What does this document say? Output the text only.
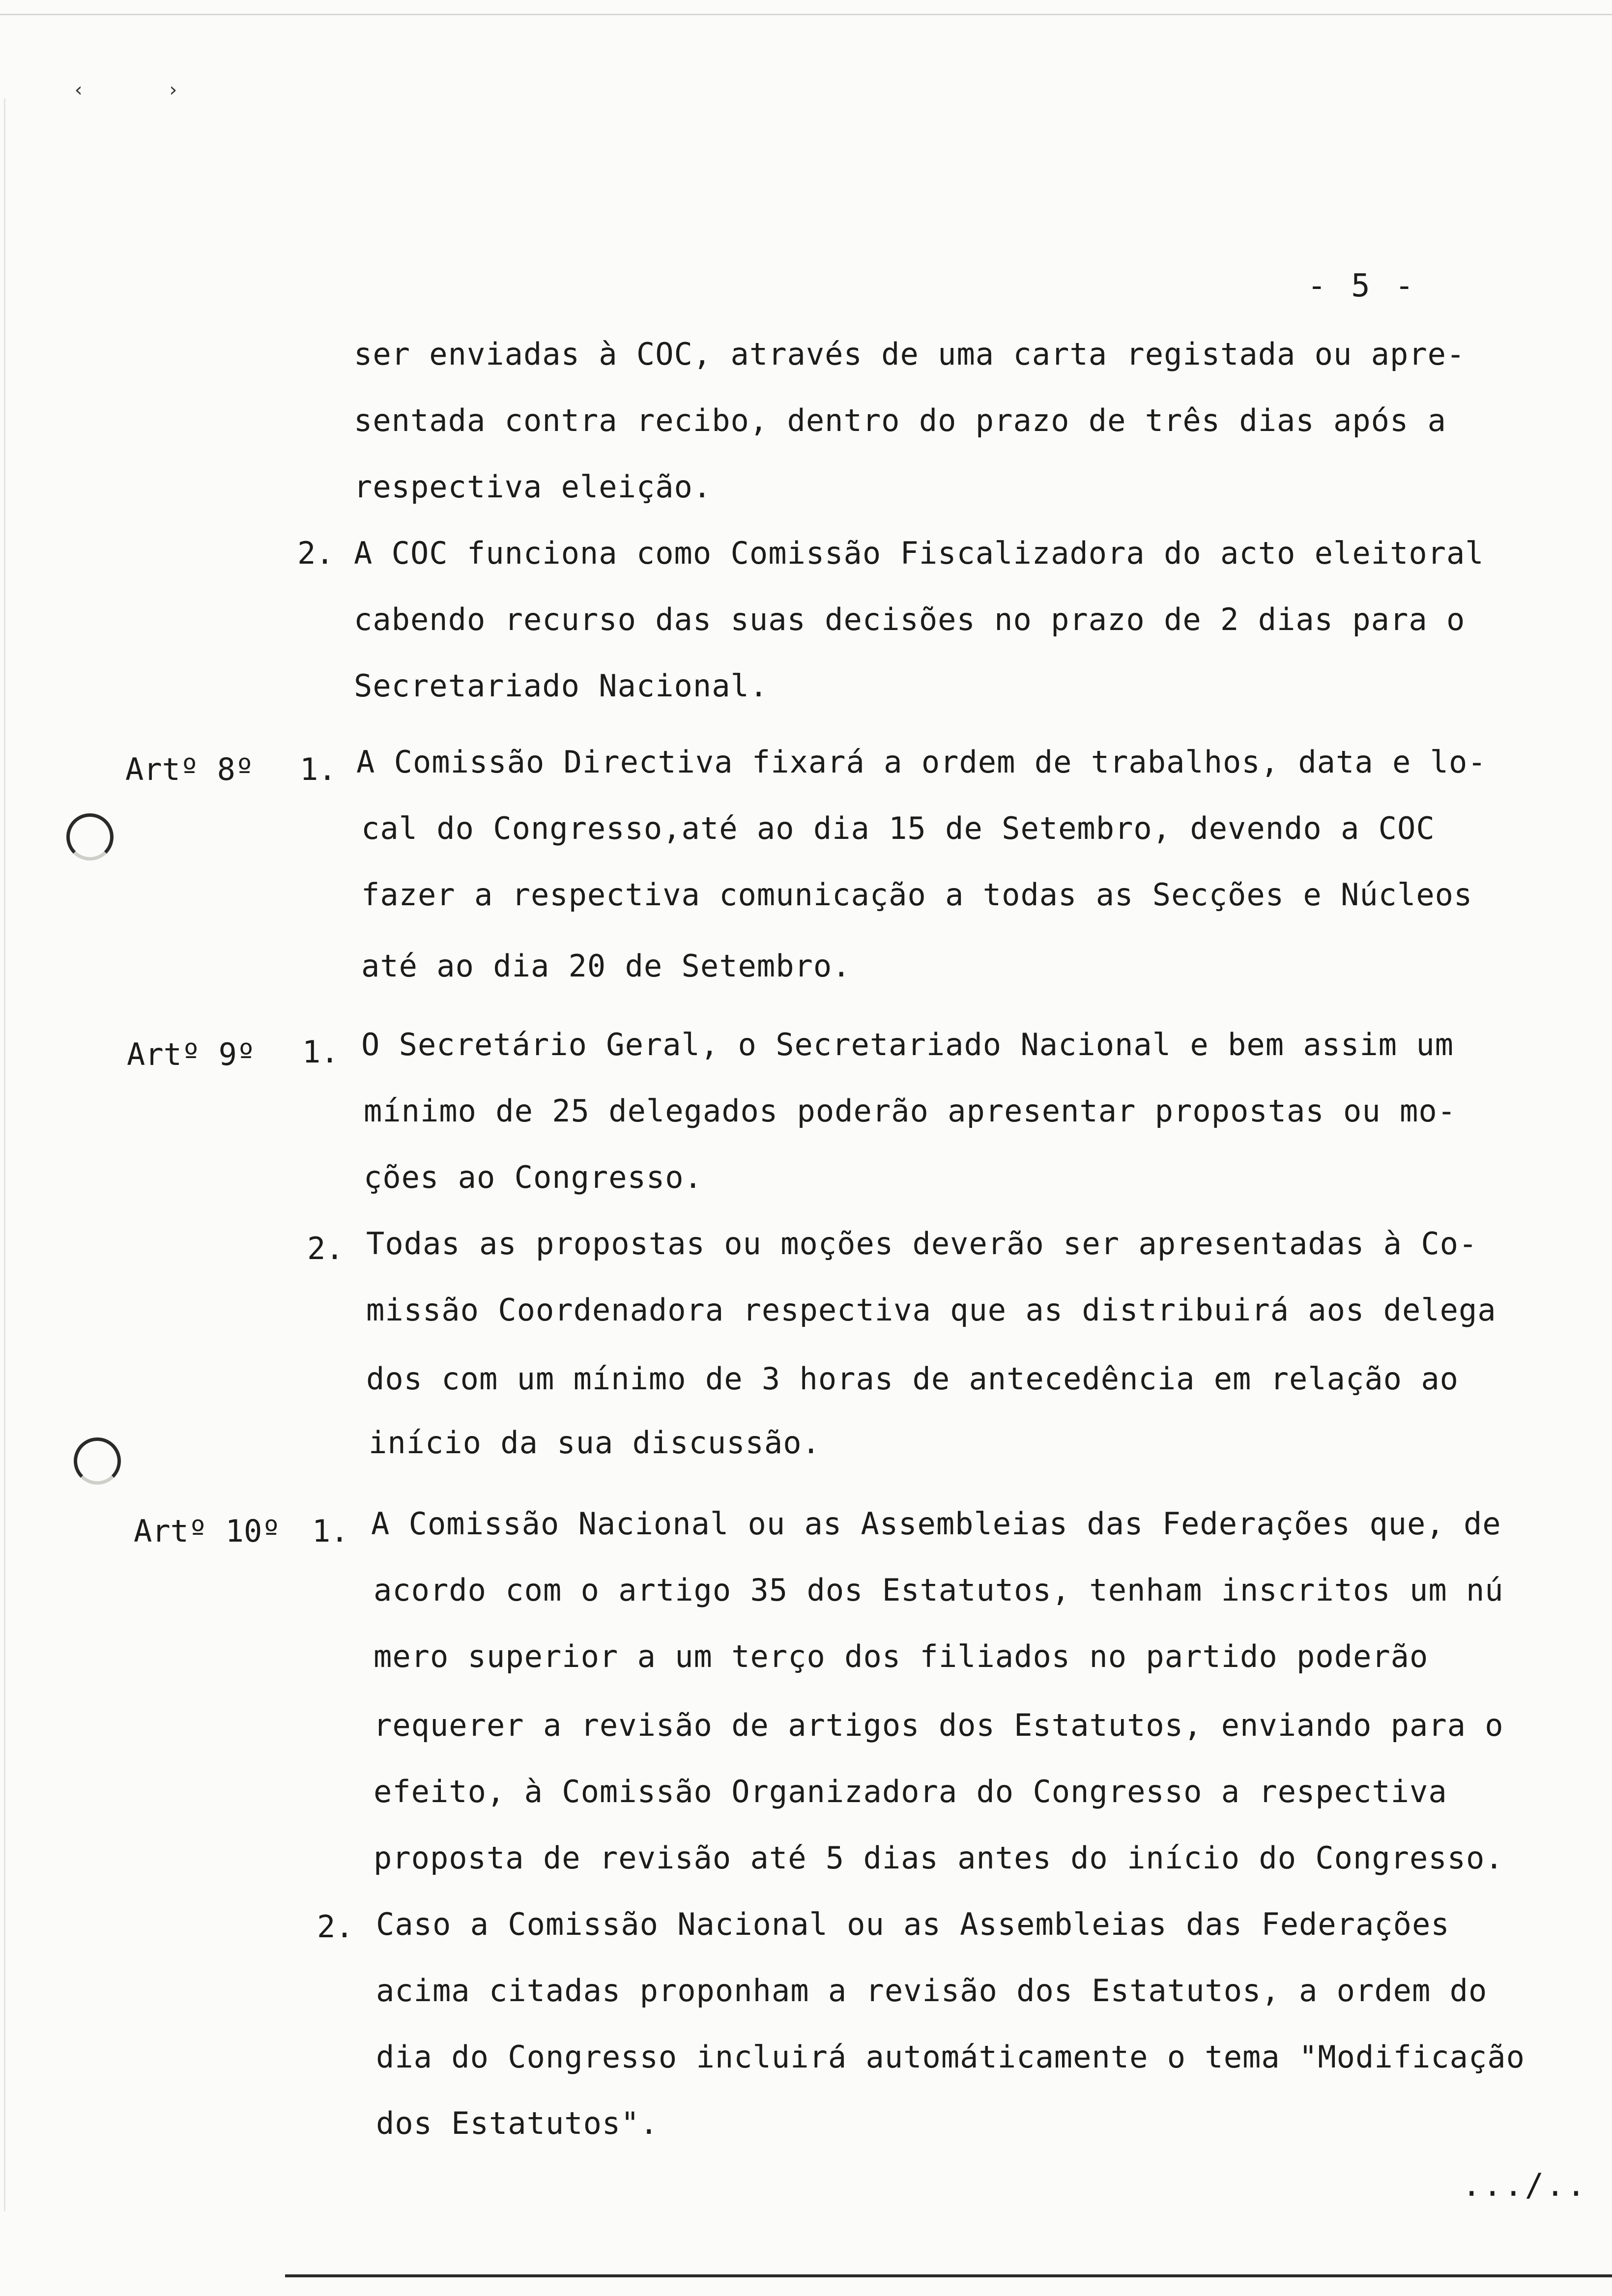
‹	›
- 5 -
ser enviadas à COC, através de uma carta registada ou apre-
sentada contra recibo, dentro do prazo de três dias após a
respectiva eleição.
2. A COC funciona como Comissão Fiscalizadora do acto eleitoral
cabendo recurso das suas decisões no prazo de 2 dias para o
Secretariado Nacional.
Artº 8º 1. A Comissão Directiva fixará a ordem de trabalhos, data e lo-
cal do Congresso,até ao dia 15 de Setembro, devendo a COC
fazer a respectiva comunicação a todas as Secções e Núcleos
até ao dia 20 de Setembro.
Artº 9º 1. O Secretário Geral, o Secretariado Nacional e bem assim um
mínimo de 25 delegados poderão apresentar propostas ou mo-
ções ao Congresso.
2. Todas as propostas ou moções deverão ser apresentadas à Co-
missão Coordenadora respectiva que as distribuirá aos delega
dos com um mínimo de 3 horas de antecedência em relação ao
início da sua discussão.
Artº 10º 1. A Comissão Nacional ou as Assembleias das Federações que, de
acordo com o artigo 35 dos Estatutos, tenham inscritos um nú
mero superior a um terço dos filiados no partido poderão
requerer a revisão de artigos dos Estatutos, enviando para o
efeito, à Comissão Organizadora do Congresso a respectiva
proposta de revisão até 5 dias antes do início do Congresso.
2. Caso a Comissão Nacional ou as Assembleias das Federações
acima citadas proponham a revisão dos Estatutos, a ordem do
dia do Congresso incluirá automáticamente o tema "Modificação
dos Estatutos".
.../..
